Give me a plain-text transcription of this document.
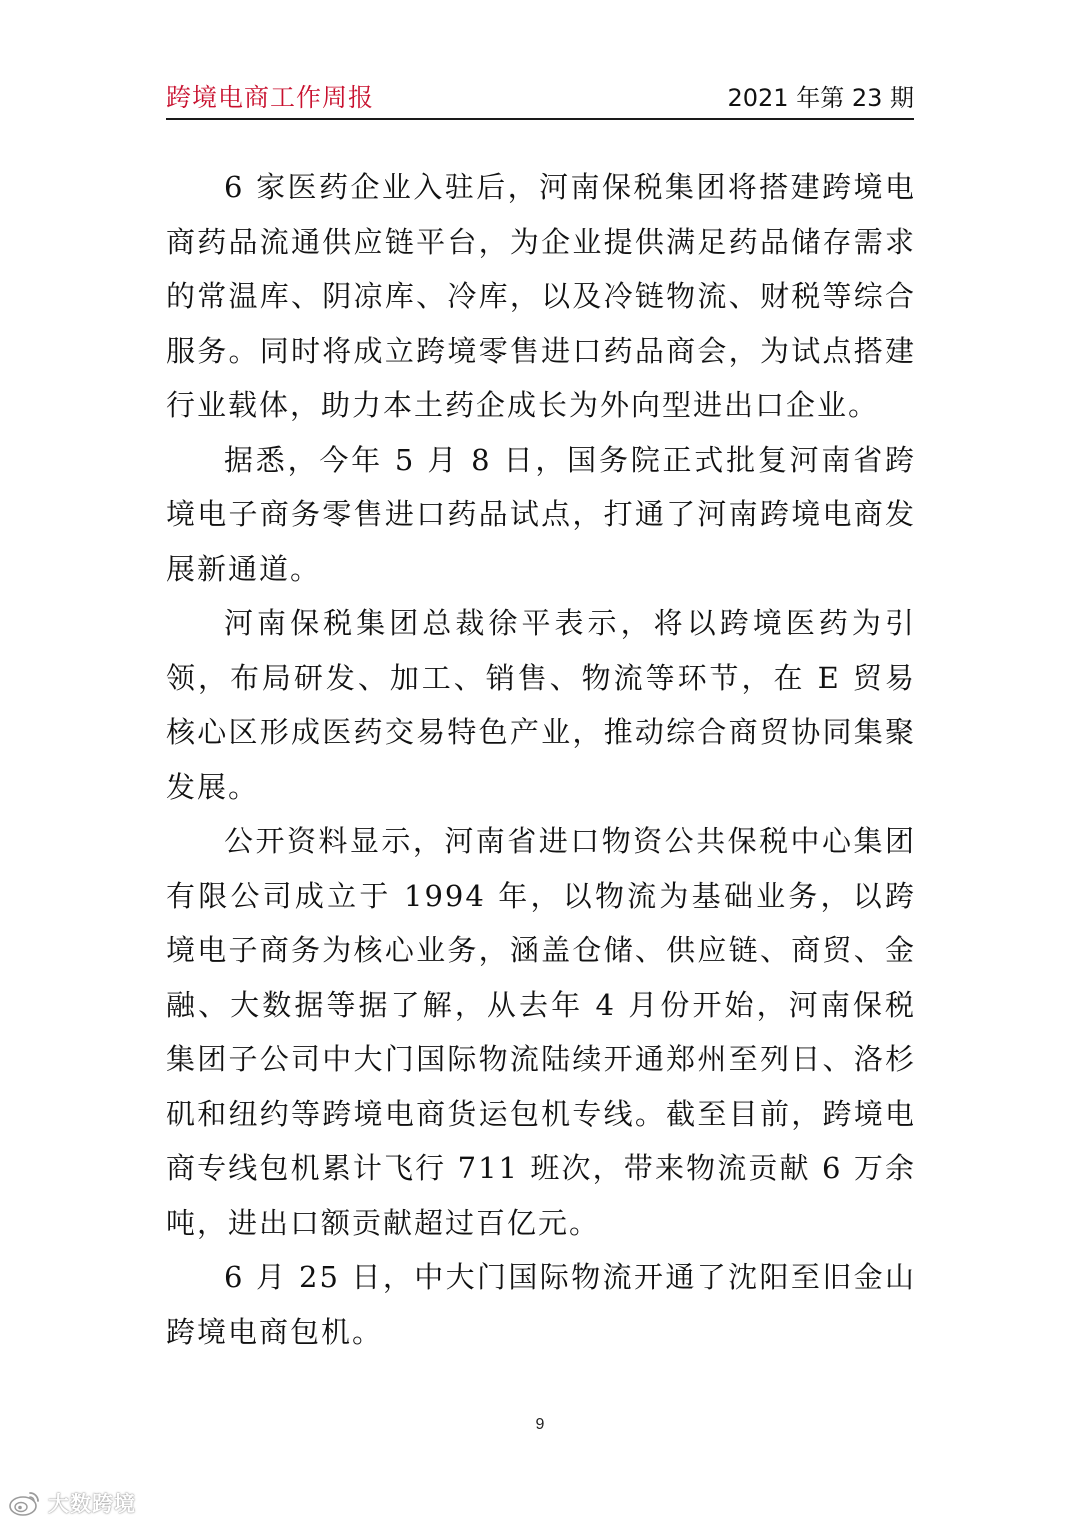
跨境电商工作周报	2021 年第 23 期

6 家医药企业入驻后，河南保税集团将搭建跨境电商药品流通供应链平台，为企业提供满足药品储存需求的常温库、阴凉库、冷库，以及冷链物流、财税等综合服务。同时将成立跨境零售进口药品商会，为试点搭建行业载体，助力本土药企成长为外向型进出口企业。

据悉，今年 5 月 8 日，国务院正式批复河南省跨境电子商务零售进口药品试点，打通了河南跨境电商发展新通道。

河南保税集团总裁徐平表示，将以跨境医药为引领，布局研发、加工、销售、物流等环节，在 E 贸易核心区形成医药交易特色产业，推动综合商贸协同集聚发展。

公开资料显示，河南省进口物资公共保税中心集团有限公司成立于 1994 年，以物流为基础业务，以跨境电子商务为核心业务，涵盖仓储、供应链、商贸、金融、大数据等据了解，从去年 4 月份开始，河南保税集团子公司中大门国际物流陆续开通郑州至列日、洛杉矶和纽约等跨境电商货运包机专线。截至目前，跨境电商专线包机累计飞行 711 班次，带来物流贡献 6 万余吨，进出口额贡献超过百亿元。

6 月 25 日，中大门国际物流开通了沈阳至旧金山跨境电商包机。

9
大数跨境
